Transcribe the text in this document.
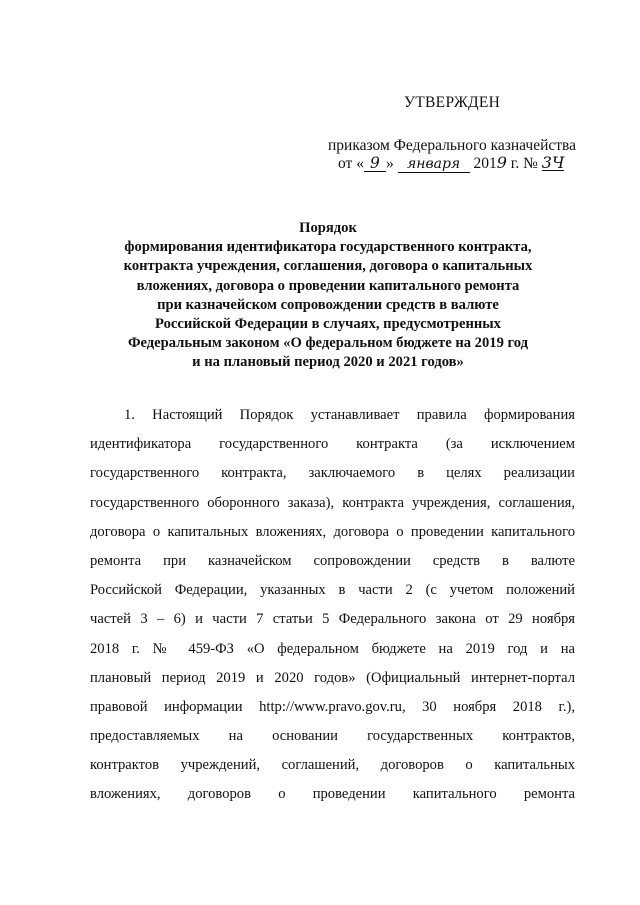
УТВЕРЖДЕН
приказом Федерального казначейства
от « 9 » января 2019 г. № 3Ч
Порядок
формирования идентификатора государственного контракта,
контракта учреждения, соглашения, договора о капитальных
вложениях, договора о проведении капитального ремонта
при казначейском сопровождении средств в валюте
Российской Федерации в случаях, предусмотренных
Федеральным законом «О федеральном бюджете на 2019 год
и на плановый период 2020 и 2021 годов»
1. Настоящий Порядок устанавливает правила формирования
идентификатора государственного контракта (за исключением
государственного контракта, заключаемого в целях реализации
государственного оборонного заказа), контракта учреждения, соглашения,
договора о капитальных вложениях, договора о проведении капитального
ремонта при казначейском сопровождении средств в валюте
Российской Федерации, указанных в части 2 (с учетом положений
частей 3 – 6) и части 7 статьи 5 Федерального закона от 29 ноября
2018 г. № 459-ФЗ «О федеральном бюджете на 2019 год и на
плановый период 2019 и 2020 годов» (Официальный интернет-портал
правовой информации http://www.pravo.gov.ru, 30 ноября 2018 г.),
предоставляемых на основании государственных контрактов,
контрактов учреждений, соглашений, договоров о капитальных
вложениях, договоров о проведении капитального ремонта
